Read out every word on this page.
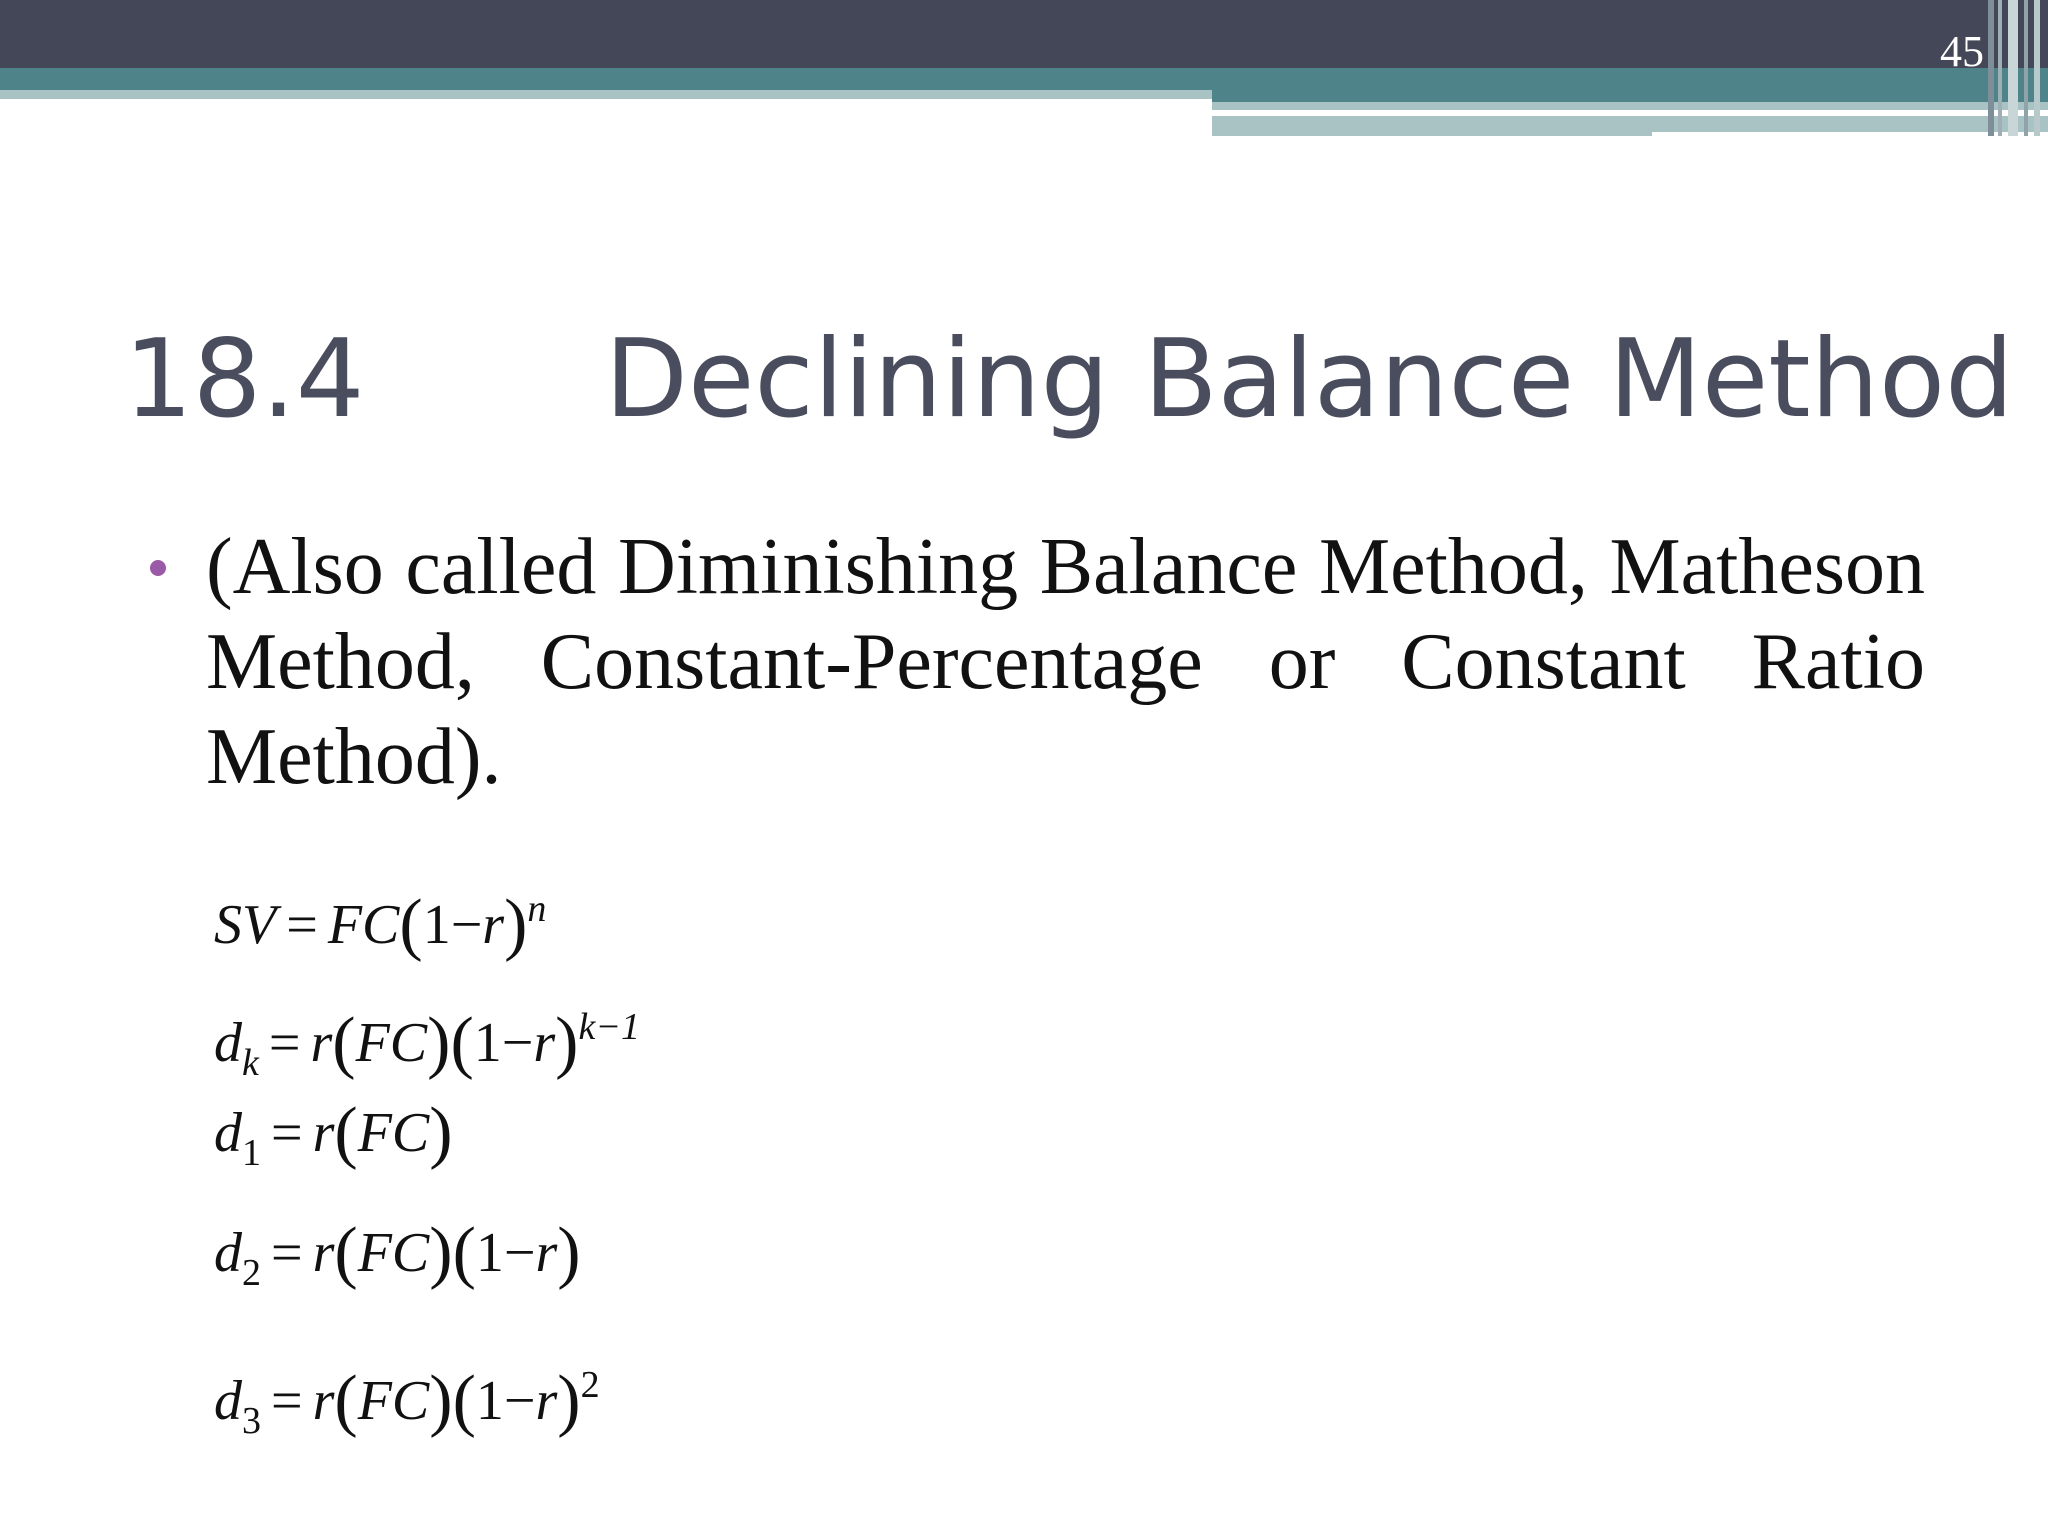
45
18.4       Declining Balance Method
(Also called Diminishing Balance Method, Matheson Method, Constant-Percentage or Constant Ratio Method).
SV = $FC(1-r)^n$
$d_k = r(FC)(1-r)^{k-1}$
$d_1 = r(FC)$
$d_2 = r(FC)(1-r)$
$d_3 = r(FC)(1-r)^2$
